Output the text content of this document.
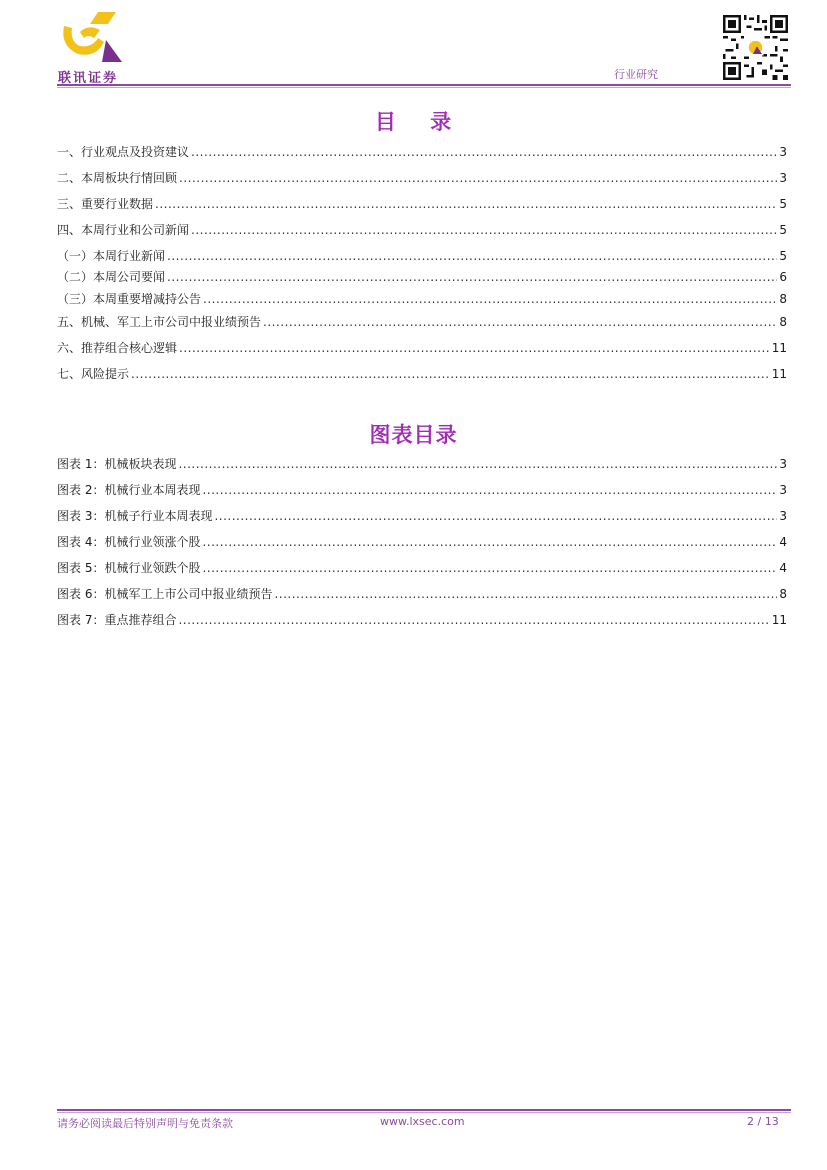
联讯证券	行业研究
目    录
一、行业观点及投资建议 .....	3
二、本周板块行情回顾 .....	3
三、重要行业数据 .....	5
四、本周行业和公司新闻 .....	5
（一）本周行业新闻 .....	5
（二）本周公司要闻 .....	6
（三）本周重要增减持公告 .....	8
五、机械、军工上市公司中报业绩预告 .....	8
六、推荐组合核心逻辑 .....	11
七、风险提示 .....	11
图表目录
图表 1：机械板块表现 .....	3
图表 2：机械行业本周表现 .....	3
图表 3：机械子行业本周表现 .....	3
图表 4：机械行业领涨个股 .....	4
图表 5：机械行业领跌个股 .....	4
图表 6：机械军工上市公司中报业绩预告 .....	8
图表 7：重点推荐组合 .....	11
请务必阅读最后特别声明与免责条款	www.lxsec.com	2 / 13
